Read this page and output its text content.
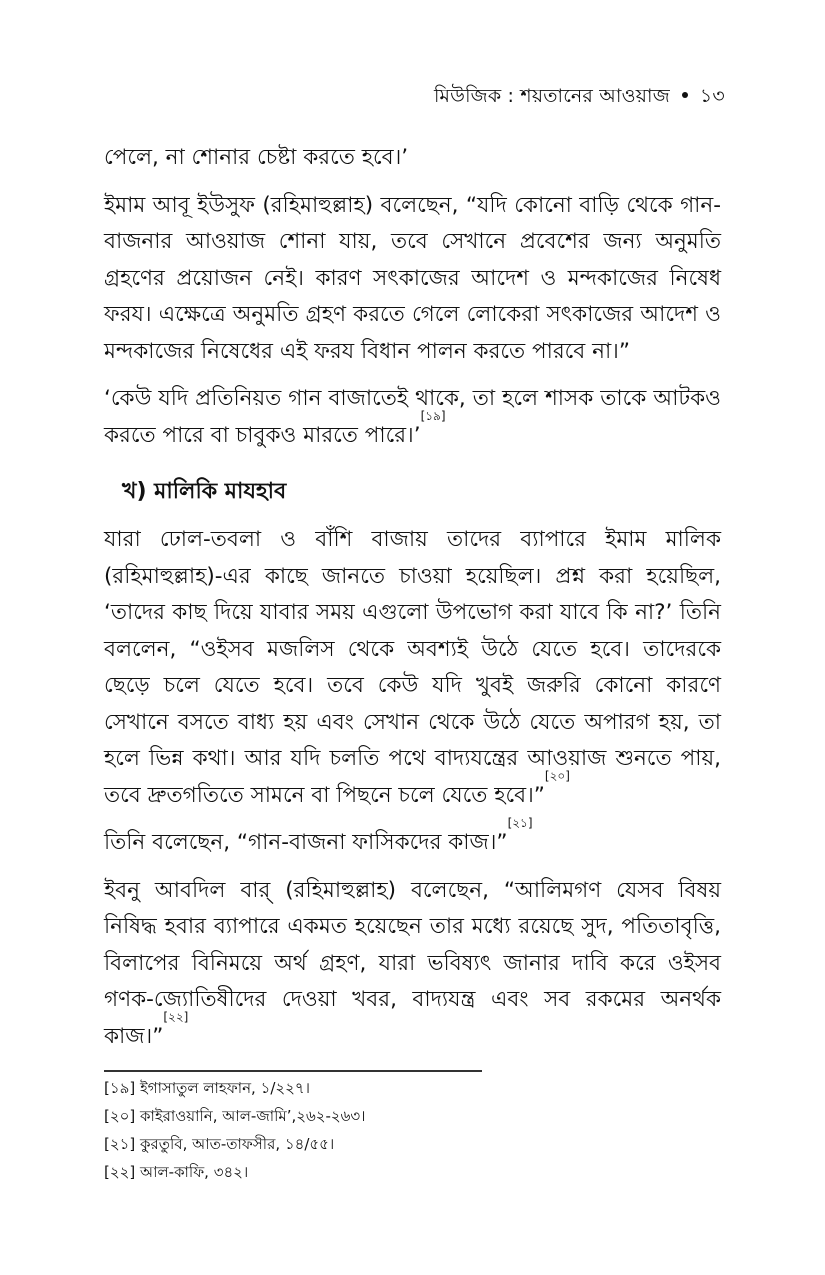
মিউজিক : শয়তানের আওয়াজ ১৩

পেলে, না শোনার চেষ্টা করতে হবে।’

ইমাম আবূ ইউসুফ (রহিমাহুল্লাহ) বলেছেন, “যদি কোনো বাড়ি থেকে গান-বাজনার আওয়াজ শোনা যায়, তবে সেখানে প্রবেশের জন্য অনুমতি গ্রহণের প্রয়োজন নেই। কারণ সৎকাজের আদেশ ও মন্দকাজের নিষেধ ফরয। এক্ষেত্রে অনুমতি গ্রহণ করতে গেলে লোকেরা সৎকাজের আদেশ ও মন্দকাজের নিষেধের এই ফরয বিধান পালন করতে পারবে না।”

‘কেউ যদি প্রতিনিয়ত গান বাজাতেই থাকে, তা হলে শাসক তাকে আটকও করতে পারে বা চাবুকও মারতে পারে।’[১৯]

খ) মালিকি মাযহাব

যারা ঢোল-তবলা ও বাঁশি বাজায় তাদের ব্যাপারে ইমাম মালিক (রহিমাহুল্লাহ)-এর কাছে জানতে চাওয়া হয়েছিল। প্রশ্ন করা হয়েছিল, ‘তাদের কাছ দিয়ে যাবার সময় এগুলো উপভোগ করা যাবে কি না?’ তিনি বললেন, “ওইসব মজলিস থেকে অবশ্যই উঠে যেতে হবে। তাদেরকে ছেড়ে চলে যেতে হবে। তবে কেউ যদি খুবই জরুরি কোনো কারণে সেখানে বসতে বাধ্য হয় এবং সেখান থেকে উঠে যেতে অপারগ হয়, তা হলে ভিন্ন কথা। আর যদি চলতি পথে বাদ্যযন্ত্রের আওয়াজ শুনতে পায়, তবে দ্রুতগতিতে সামনে বা পিছনে চলে যেতে হবে।”[২০]

তিনি বলেছেন, “গান-বাজনা ফাসিকদের কাজ।”[২১]

ইবনু আবদিল বার্ (রহিমাহুল্লাহ) বলেছেন, “আলিমগণ যেসব বিষয় নিষিদ্ধ হবার ব্যাপারে একমত হয়েছেন তার মধ্যে রয়েছে সুদ, পতিতাবৃত্তি, বিলাপের বিনিময়ে অর্থ গ্রহণ, যারা ভবিষ্যৎ জানার দাবি করে ওইসব গণক-জ্যোতিষীদের দেওয়া খবর, বাদ্যযন্ত্র এবং সব রকমের অনর্থক কাজ।”[২২]

[১৯] ইগাসাতুল লাহফান, ১/২২৭।
[২০] কাইরাওয়ানি, আল-জামি’,২৬২-২৬৩।
[২১] কুরতুবি, আত-তাফসীর, ১৪/৫৫।
[২২] আল-কাফি, ৩৪২।
